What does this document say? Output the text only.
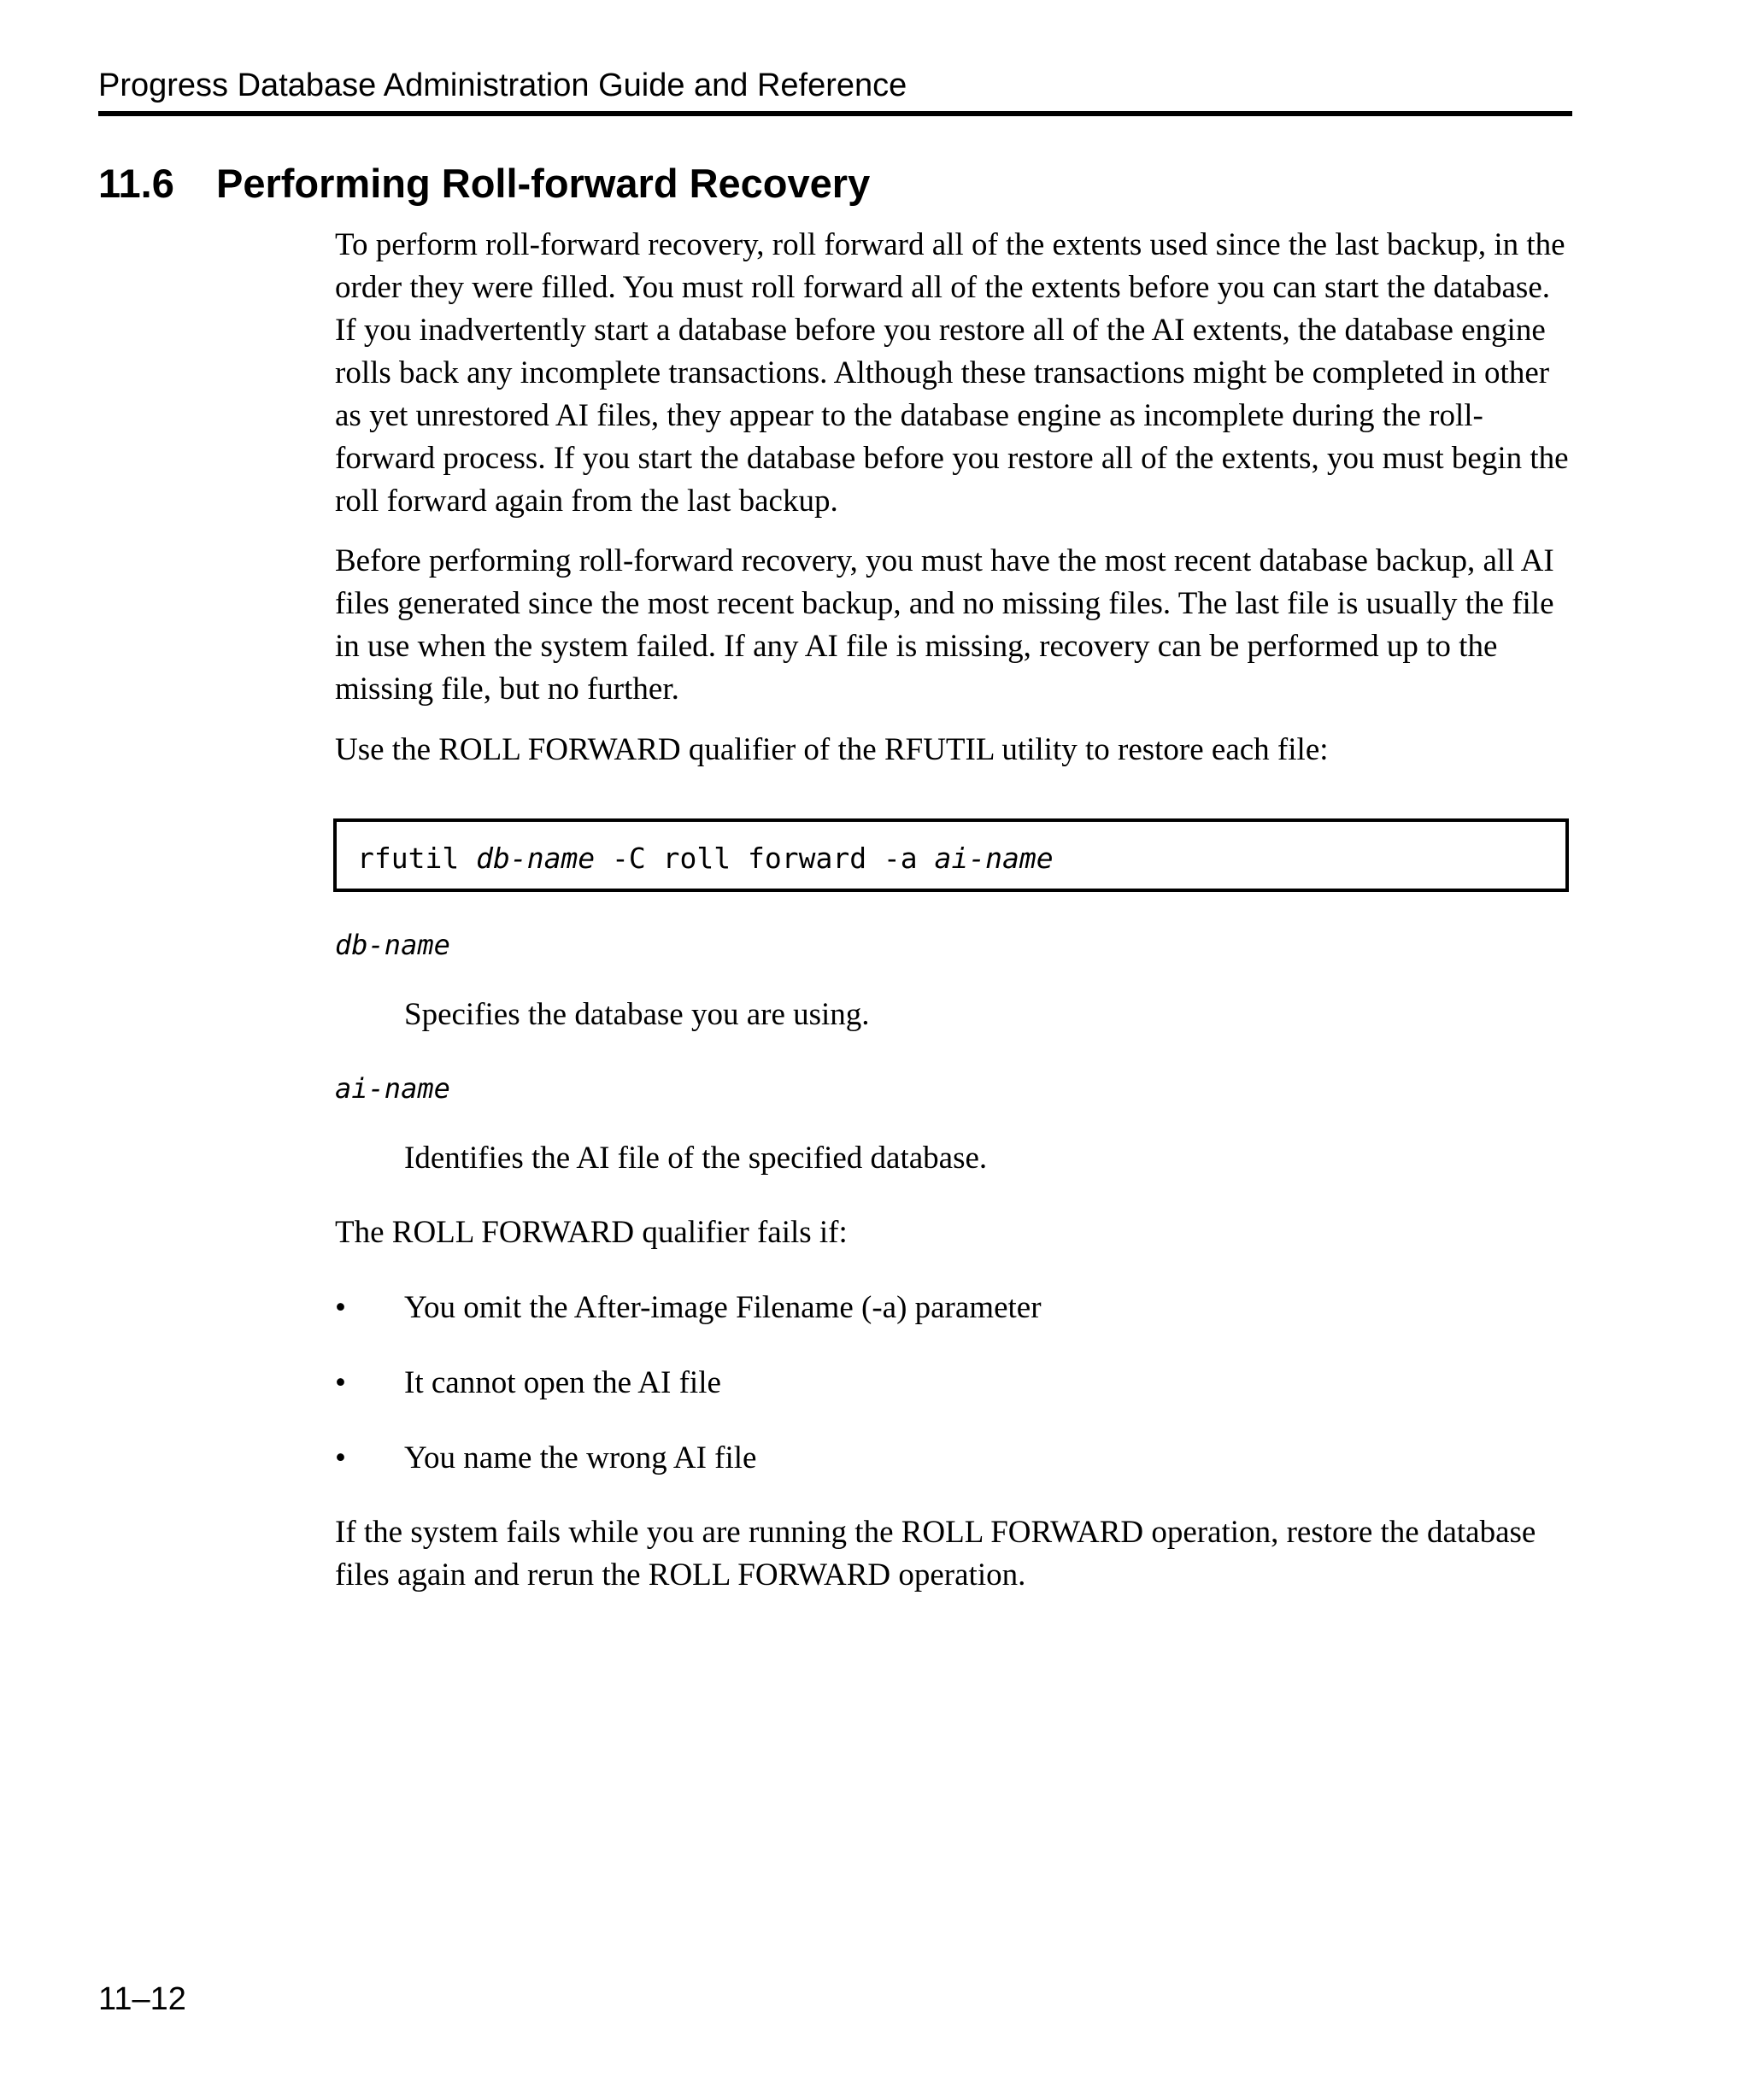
Progress Database Administration Guide and Reference
11.6 Performing Roll-forward Recovery

To perform roll-forward recovery, roll forward all of the extents used since the last backup, in the order they were filled. You must roll forward all of the extents before you can start the database. If you inadvertently start a database before you restore all of the AI extents, the database engine rolls back any incomplete transactions. Although these transactions might be completed in other as yet unrestored AI files, they appear to the database engine as incomplete during the roll-forward process. If you start the database before you restore all of the extents, you must begin the roll forward again from the last backup.

Before performing roll-forward recovery, you must have the most recent database backup, all AI files generated since the most recent backup, and no missing files. The last file is usually the file in use when the system failed. If any AI file is missing, recovery can be performed up to the missing file, but no further.

Use the ROLL FORWARD qualifier of the RFUTIL utility to restore each file:

rfutil db-name -C roll forward -a ai-name
db-name
Specifies the database you are using.
ai-name
Identifies the AI file of the specified database.

The ROLL FORWARD qualifier fails if:

• You omit the After-image Filename (-a) parameter
• It cannot open the AI file
• You name the wrong AI file

If the system fails while you are running the ROLL FORWARD operation, restore the database files again and rerun the ROLL FORWARD operation.

11–12
